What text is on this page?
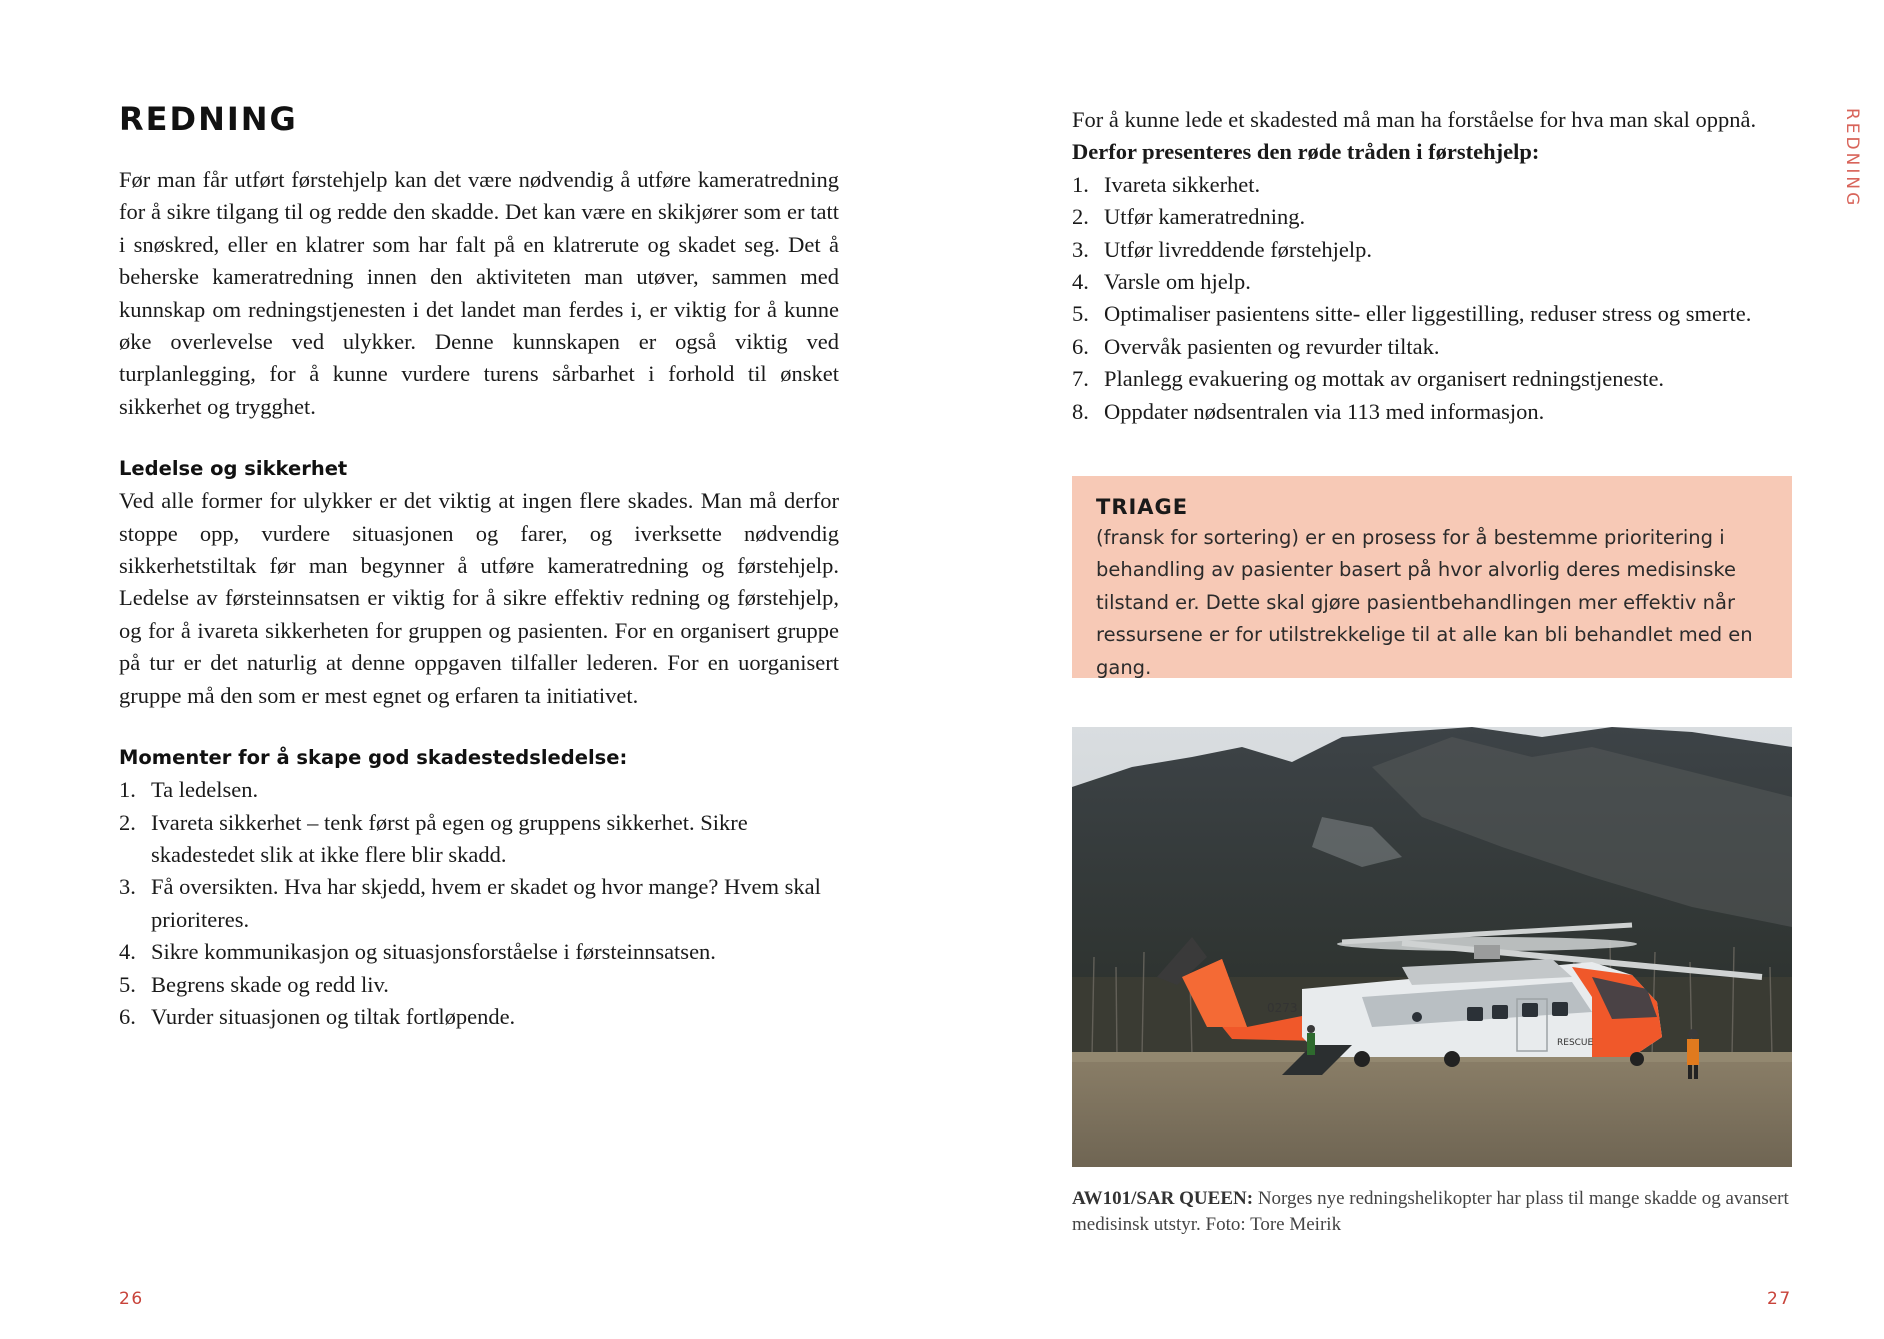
REDNING

Før man får utført førstehjelp kan det være nødvendig å utføre kameratredning for å sikre tilgang til og redde den skadde. Det kan være en skikjører som er tatt i snøskred, eller en klatrer som har falt på en klatrerute og skadet seg. Det å beherske kameratredning innen den aktiviteten man utøver, sammen med kunnskap om redningstjenesten i det landet man ferdes i, er viktig for å kunne øke overlevelse ved ulykker. Denne kunnskapen er også viktig ved turplanlegging, for å kunne vurdere turens sårbarhet i forhold til ønsket sikkerhet og trygghet.

Ledelse og sikkerhet

Ved alle former for ulykker er det viktig at ingen flere skades. Man må derfor stoppe opp, vurdere situasjonen og farer, og iverksette nødvendig sikkerhetstiltak før man begynner å utføre kameratredning og førstehjelp. Ledelse av førsteinnsatsen er viktig for å sikre effektiv redning og førstehjelp, og for å ivareta sikkerheten for gruppen og pasienten. For en organisert gruppe på tur er det naturlig at denne oppgaven tilfaller lederen. For en uorganisert gruppe må den som er mest egnet og erfaren ta initiativet.

Momenter for å skape god skadestedsledelse:
1. Ta ledelsen.
2. Ivareta sikkerhet – tenk først på egen og gruppens sikkerhet. Sikre skadestedet slik at ikke flere blir skadd.
3. Få oversikten. Hva har skjedd, hvem er skadet og hvor mange? Hvem skal prioriteres.
4. Sikre kommunikasjon og situasjonsforståelse i førsteinnsatsen.
5. Begrens skade og redd liv.
6. Vurder situasjonen og tiltak fortløpende.
26

For å kunne lede et skadested må man ha forståelse for hva man skal oppnå.

Derfor presenteres den røde tråden i førstehjelp:

1. Ivareta sikkerhet.
2. Utfør kameratredning.
3. Utfør livreddende førstehjelp.
4. Varsle om hjelp.
5. Optimaliser pasientens sitte- eller liggestilling, reduser stress og smerte.
6. Overvåk pasienten og revurder tiltak.
7. Planlegg evakuering og mottak av organisert redningstjeneste.
8. Oppdater nødsentralen via 113 med informasjon.

TRIAGE

(fransk for sortering) er en prosess for å bestemme prioritering i behandling av pasienter basert på hvor alvorlig deres medisinske tilstand er. Dette skal gjøre pasientbehandlingen mer effektiv når ressursene er for utilstrekkelige til at alle kan bli behandlet med en gang.

0273
RESCUE
AW101/SAR QUEEN: Norges nye redningshelikopter har plass til mange skadde og avansert medisinsk utstyr. Foto: Tore Meirik
REDNING
27
